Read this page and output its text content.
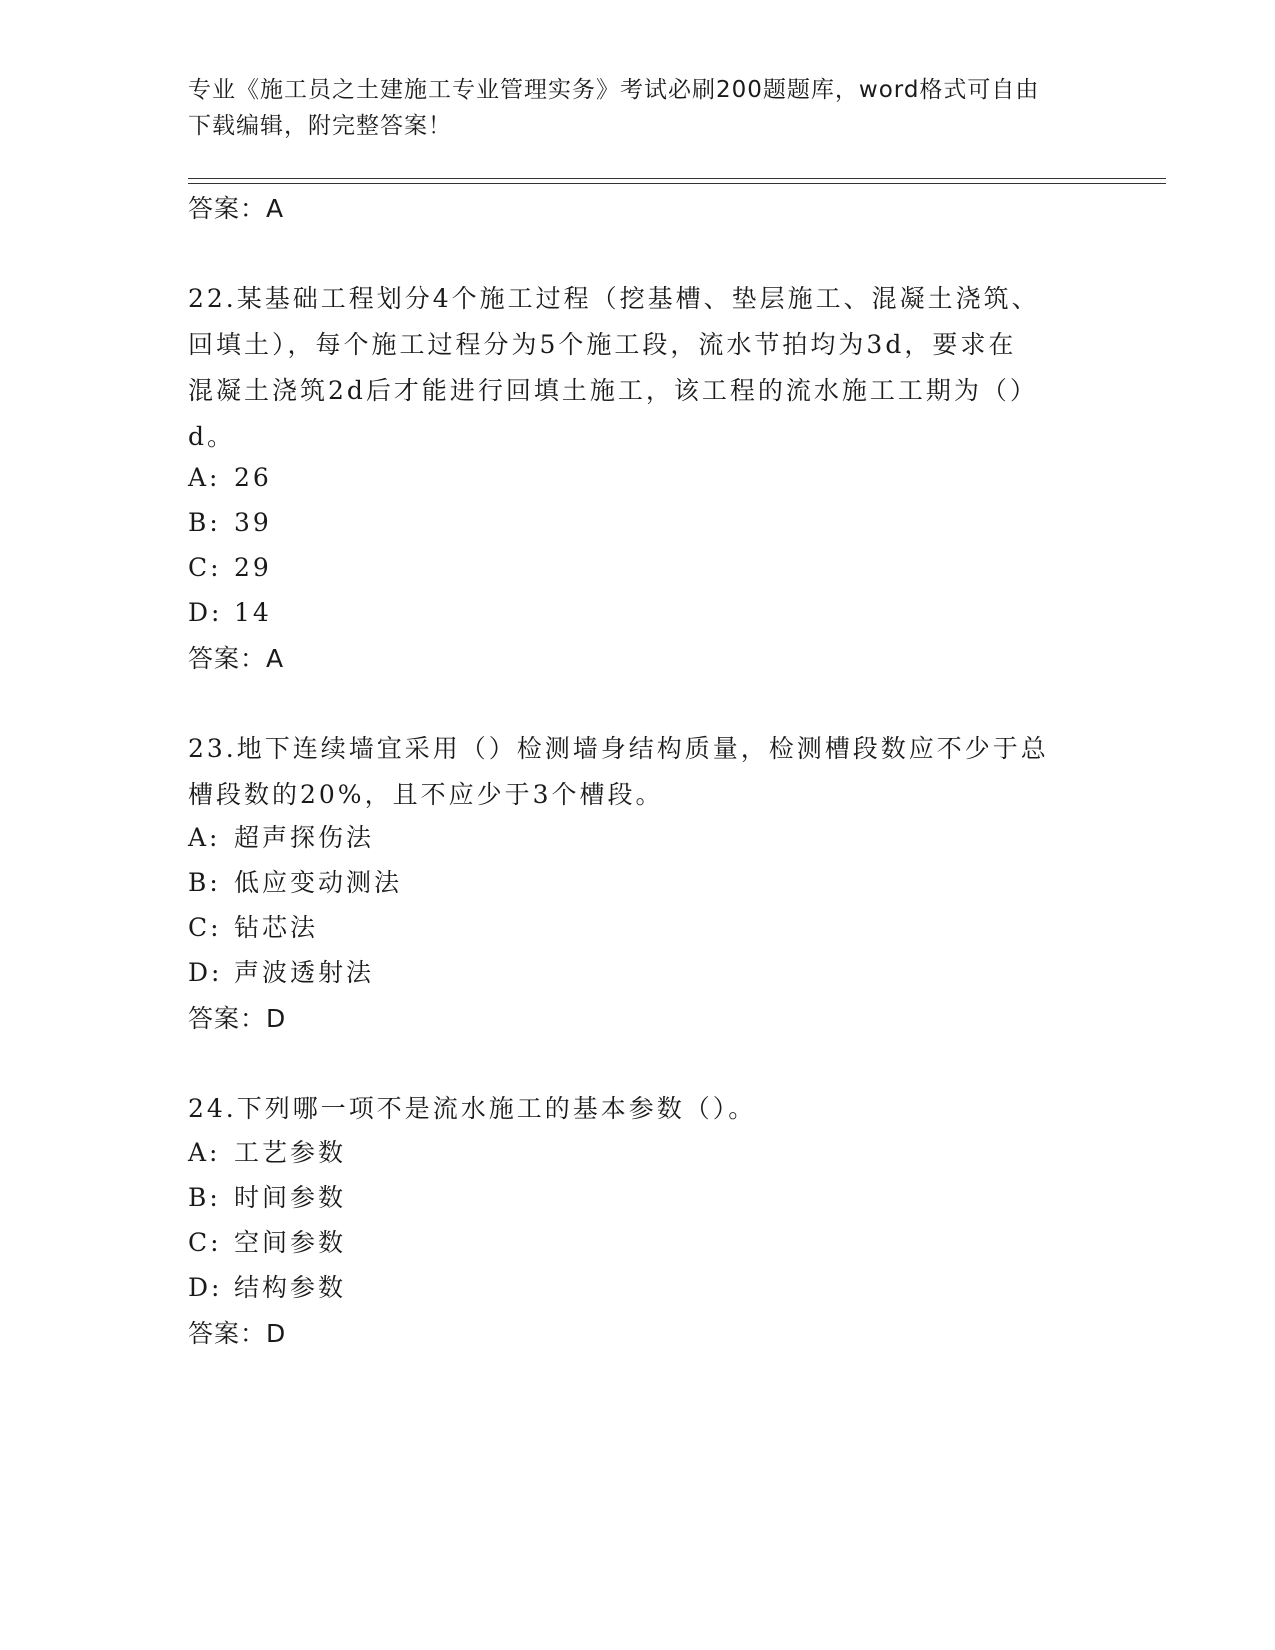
专业《施工员之土建施工专业管理实务》考试必刷200题题库，word格式可自由
下载编辑，附完整答案！
答案：A
22.某基础工程划分4个施工过程（挖基槽、垫层施工、混凝土浇筑、
回填土），每个施工过程分为5个施工段，流水节拍均为3d，要求在
混凝土浇筑2d后才能进行回填土施工，该工程的流水施工工期为（）
d。
A: 26
B: 39
C: 29
D: 14
答案：A
23.地下连续墙宜采用（）检测墙身结构质量，检测槽段数应不少于总
槽段数的20%，且不应少于3个槽段。
A: 超声探伤法
B: 低应变动测法
C: 钻芯法
D: 声波透射法
答案：D
24.下列哪一项不是流水施工的基本参数（）。
A: 工艺参数
B: 时间参数
C: 空间参数
D: 结构参数
答案：D
